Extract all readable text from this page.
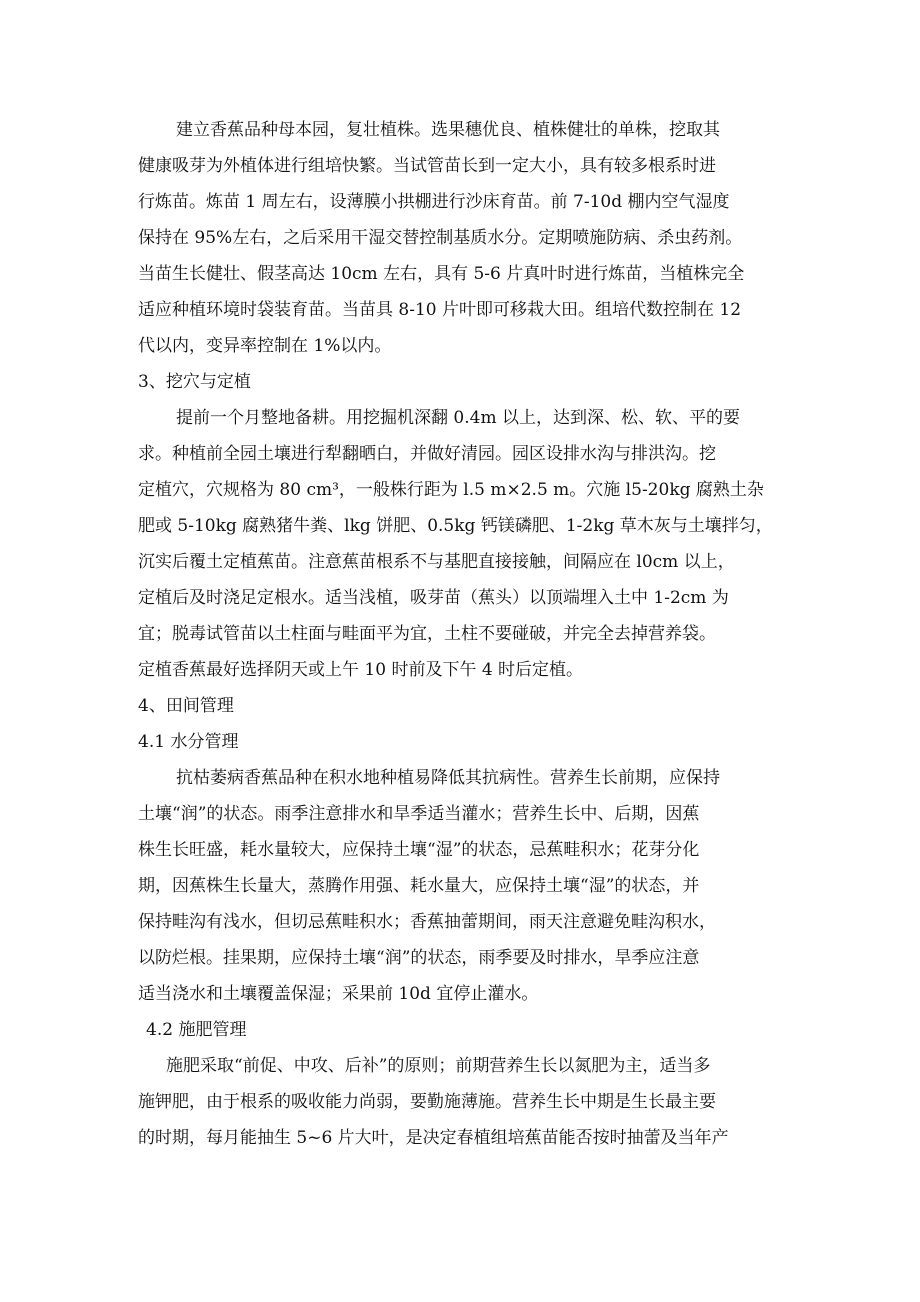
建立香蕉品种母本园，复壮植株。选果穗优良、植株健壮的单株，挖取其
健康吸芽为外植体进行组培快繁。当试管苗长到一定大小，具有较多根系时进
行炼苗。炼苗 1 周左右，设薄膜小拱棚进行沙床育苗。前 7-10d 棚内空气湿度
保持在 95%左右，之后采用干湿交替控制基质水分。定期喷施防病、杀虫药剂。
当苗生长健壮、假茎高达 10cm 左右，具有 5-6 片真叶时进行炼苗，当植株完全
适应种植环境时袋装育苗。当苗具 8-10 片叶即可移栽大田。组培代数控制在 12
代以内，变异率控制在 1%以内。
3、挖穴与定植
提前一个月整地备耕。用挖掘机深翻 0.4m 以上，达到深、松、软、平的要
求。种植前全园土壤进行犁翻晒白，并做好清园。园区设排水沟与排洪沟。挖
定植穴，穴规格为 80 cm³，一般株行距为 l.5 m×2.5 m。穴施 l5-20kg 腐熟土杂
肥或 5-10kg 腐熟猪牛粪、lkg 饼肥、0.5kg 钙镁磷肥、1-2kg 草木灰与土壤拌匀，
沉实后覆土定植蕉苗。注意蕉苗根系不与基肥直接接触，间隔应在 l0cm 以上，
定植后及时浇足定根水。适当浅植，吸芽苗（蕉头）以顶端埋入土中 1-2cm 为
宜；脱毒试管苗以土柱面与畦面平为宜，土柱不要碰破，并完全去掉营养袋。
定植香蕉最好选择阴天或上午 10 时前及下午 4 时后定植。
4、田间管理
4.1 水分管理
抗枯萎病香蕉品种在积水地种植易降低其抗病性。营养生长前期，应保持
土壤“润”的状态。雨季注意排水和旱季适当灌水；营养生长中、后期，因蕉
株生长旺盛，耗水量较大，应保持土壤“湿”的状态，忌蕉畦积水；花芽分化
期，因蕉株生长量大，蒸腾作用强、耗水量大，应保持土壤“湿”的状态，并
保持畦沟有浅水，但切忌蕉畦积水；香蕉抽蕾期间，雨天注意避免畦沟积水，
以防烂根。挂果期，应保持土壤“润”的状态，雨季要及时排水，旱季应注意
适当浇水和土壤覆盖保湿；采果前 10d 宜停止灌水。
4.2 施肥管理
施肥采取“前促、中攻、后补”的原则；前期营养生长以氮肥为主，适当多
施钾肥，由于根系的吸收能力尚弱，要勤施薄施。营养生长中期是生长最主要
的时期，每月能抽生 5~6 片大叶，是决定春植组培蕉苗能否按时抽蕾及当年产
